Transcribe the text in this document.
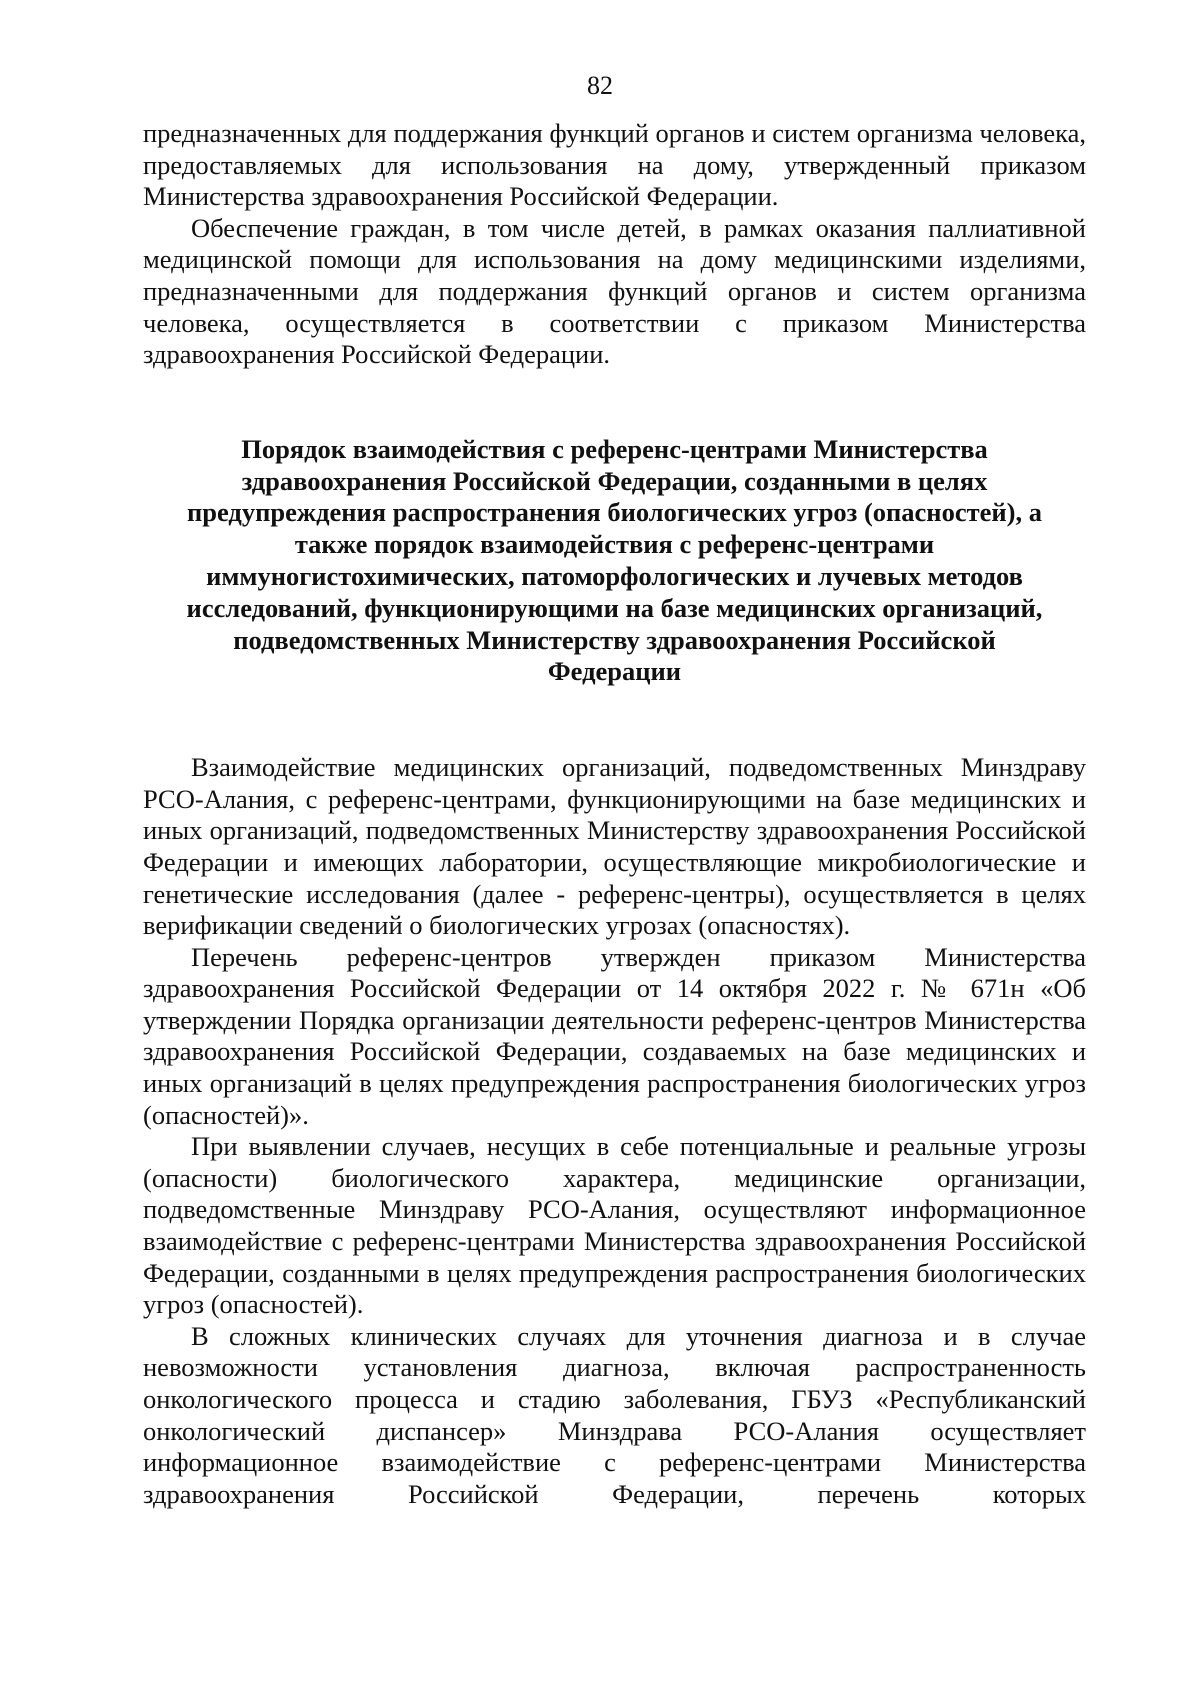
82

предназначенных для поддержания функций органов и систем организма человека, предоставляемых для использования на дому, утвержденный приказом Министерства здравоохранения Российской Федерации.

Обеспечение граждан, в том числе детей, в рамках оказания паллиативной медицинской помощи для использования на дому медицинскими изделиями, предназначенными для поддержания функций органов и систем организма человека, осуществляется в соответствии с приказом Министерства здравоохранения Российской Федерации.

Порядок взаимодействия с референс-центрами Министерства здравоохранения Российской Федерации, созданными в целях предупреждения распространения биологических угроз (опасностей), а также порядок взаимодействия с референс-центрами иммуногистохимических, патоморфологических и лучевых методов исследований, функционирующими на базе медицинских организаций, подведомственных Министерству здравоохранения Российской Федерации

Взаимодействие медицинских организаций, подведомственных Минздраву РСО-Алания, с референс-центрами, функционирующими на базе медицинских и иных организаций, подведомственных Министерству здравоохранения Российской Федерации и имеющих лаборатории, осуществляющие микробиологические и генетические исследования (далее - референс-центры), осуществляется в целях верификации сведений о биологических угрозах (опасностях).

Перечень референс-центров утвержден приказом Министерства здравоохранения Российской Федерации от 14 октября 2022 г. № 671н «Об утверждении Порядка организации деятельности референс-центров Министерства здравоохранения Российской Федерации, создаваемых на базе медицинских и иных организаций в целях предупреждения распространения биологических угроз (опасностей)».

При выявлении случаев, несущих в себе потенциальные и реальные угрозы (опасности) биологического характера, медицинские организации, подведомственные Минздраву РСО-Алания, осуществляют информационное взаимодействие с референс-центрами Министерства здравоохранения Российской Федерации, созданными в целях предупреждения распространения биологических угроз (опасностей).

В сложных клинических случаях для уточнения диагноза и в случае невозможности установления диагноза, включая распространенность онкологического процесса и стадию заболевания, ГБУЗ «Республиканский онкологический диспансер» Минздрава РСО-Алания осуществляет информационное взаимодействие с референс-центрами Министерства здравоохранения Российской Федерации, перечень которых
